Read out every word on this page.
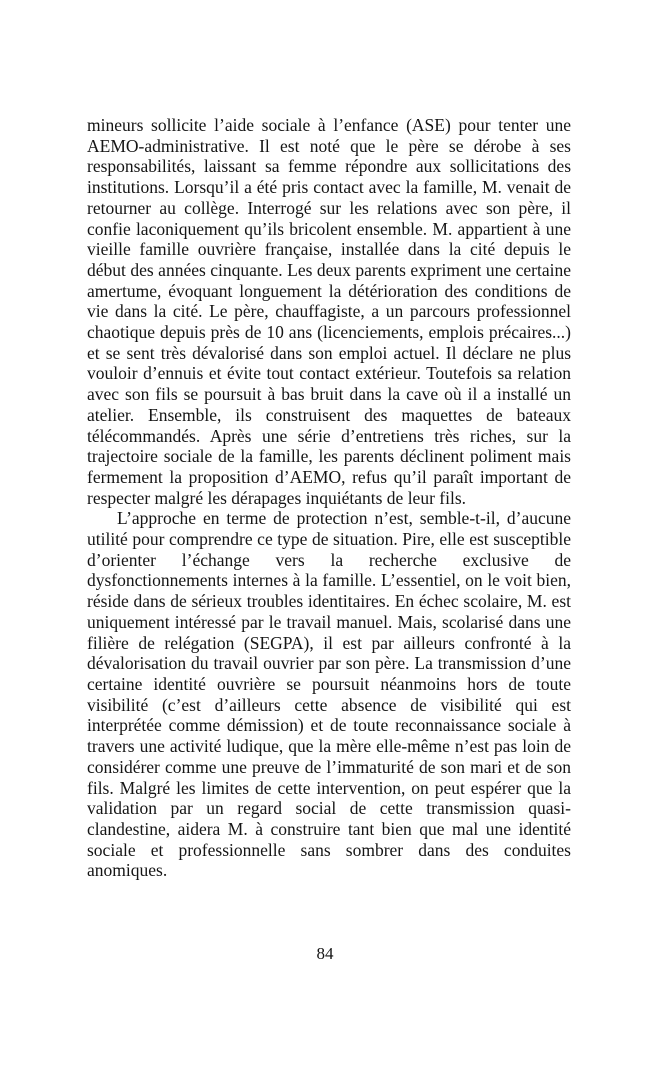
mineurs sollicite l’aide sociale à l’enfance (ASE) pour tenter une AEMO-administrative. Il est noté que le père se dérobe à ses responsabilités, laissant sa femme répondre aux sollicitations des institutions. Lorsqu’il a été pris contact avec la famille, M. venait de retourner au collège. Interrogé sur les relations avec son père, il confie laconiquement qu’ils bricolent ensemble. M. appartient à une vieille famille ouvrière française, installée dans la cité depuis le début des années cinquante. Les deux parents expriment une certaine amertume, évoquant longuement la détérioration des conditions de vie dans la cité. Le père, chauffagiste, a un parcours professionnel chaotique depuis près de 10 ans (licenciements, emplois précaires...) et se sent très dévalorisé dans son emploi actuel. Il déclare ne plus vouloir d’ennuis et évite tout contact extérieur. Toutefois sa relation avec son fils se poursuit à bas bruit dans la cave où il a installé un atelier. Ensemble, ils construisent des maquettes de bateaux télécommandés. Après une série d’entretiens très riches, sur la trajectoire sociale de la famille, les parents déclinent poliment mais fermement la proposition d’AEMO, refus qu’il paraît important de respecter malgré les dérapages inquiétants de leur fils.

L’approche en terme de protection n’est, semble-t-il, d’aucune utilité pour comprendre ce type de situation. Pire, elle est susceptible d’orienter l’échange vers la recherche exclusive de dysfonctionnements internes à la famille. L’essentiel, on le voit bien, réside dans de sérieux troubles identitaires. En échec scolaire, M. est uniquement intéressé par le travail manuel. Mais, scolarisé dans une filière de relégation (SEGPA), il est par ailleurs confronté à la dévalorisation du travail ouvrier par son père. La transmission d’une certaine identité ouvrière se poursuit néanmoins hors de toute visibilité (c’est d’ailleurs cette absence de visibilité qui est interprétée comme démission) et de toute reconnaissance sociale à travers une activité ludique, que la mère elle-même n’est pas loin de considérer comme une preuve de l’immaturité de son mari et de son fils. Malgré les limites de cette intervention, on peut espérer que la validation par un regard social de cette transmission quasi-clandestine, aidera M. à construire tant bien que mal une identité sociale et professionnelle sans sombrer dans des conduites anomiques.

84
